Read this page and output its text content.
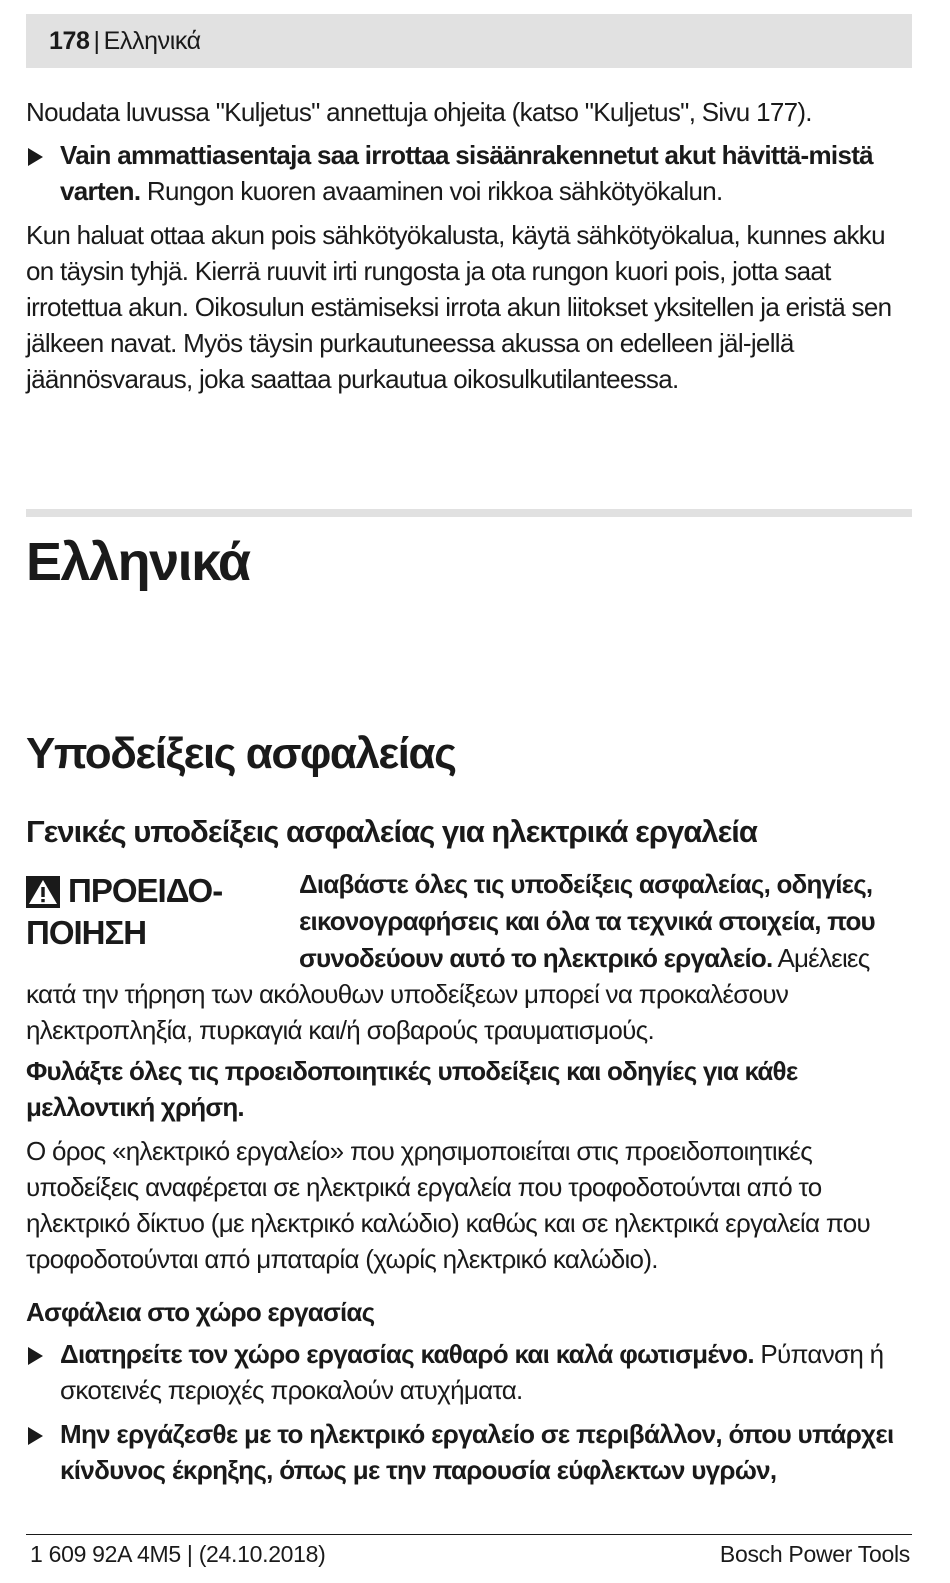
178 | Ελληνικά

Noudata luvussa "Kuljetus" annettuja ohjeita (katso "Kuljetus", Sivu 177).

Vain ammattiasentaja saa irrottaa sisäänrakennetut akut hävittä-mistä varten. Rungon kuoren avaaminen voi rikkoa sähkötyökalun.

Kun haluat ottaa akun pois sähkötyökalusta, käytä sähkötyökalua, kunnes akku on täysin tyhjä. Kierrä ruuvit irti rungosta ja ota rungon kuori pois, jotta saat irrotettua akun. Oikosulun estämiseksi irrota akun liitokset yksitellen ja eristä sen jälkeen navat. Myös täysin purkautuneessa akussa on edelleen jäl-jellä jäännösvaraus, joka saattaa purkautua oikosulkutilanteessa.

Ελληνικά
Υποδείξεις ασφαλείας
Γενικές υποδείξεις ασφαλείας για ηλεκτρικά εργαλεία

ΠΡΟΕΙΔΟ-

ΠΟΙΗΣΗ

Διαβάστε όλες τις υποδείξεις ασφαλείας, οδηγίες, εικονογραφήσεις και όλα τα τεχνικά στοιχεία, που συνοδεύουν αυτό το ηλεκτρικό εργαλείο. Αμέλειες

κατά την τήρηση των ακόλουθων υποδείξεων μπορεί να προκαλέσουν ηλεκτροπληξία, πυρκαγιά και/ή σοβαρούς τραυματισμούς.

Φυλάξτε όλες τις προειδοποιητικές υποδείξεις και οδηγίες για κάθε μελλοντική χρήση.

Ο όρος «ηλεκτρικό εργαλείο» που χρησιμοποιείται στις προειδοποιητικές υποδείξεις αναφέρεται σε ηλεκτρικά εργαλεία που τροφοδοτούνται από το ηλεκτρικό δίκτυο (με ηλεκτρικό καλώδιο) καθώς και σε ηλεκτρικά εργαλεία που τροφοδοτούνται από μπαταρία (χωρίς ηλεκτρικό καλώδιο).

Ασφάλεια στο χώρο εργασίας

Διατηρείτε τον χώρο εργασίας καθαρό και καλά φωτισμένο. Ρύπανση ή σκοτεινές περιοχές προκαλούν ατυχήματα.

Μην εργάζεσθε με το ηλεκτρικό εργαλείο σε περιβάλλον, όπου υπάρχει κίνδυνος έκρηξης, όπως με την παρουσία εύφλεκτων υγρών,

1 609 92A 4M5 | (24.10.2018)	Bosch Power Tools
